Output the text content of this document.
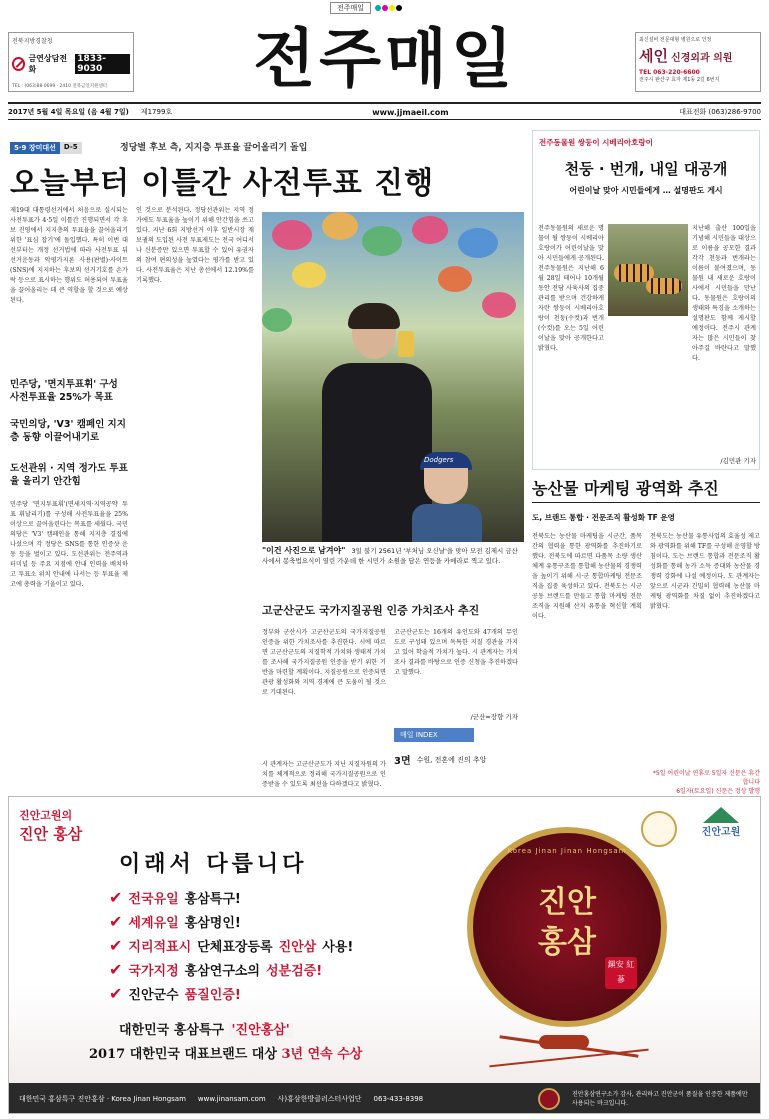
전주매일
전북지방경찰청
금연상담전화
1833-9030
TEL : (063)88·0699 · 2410 전북금연지원센터	전주매일	최신설비 전문대형 병원으로 인정
세인 신경외과 의원
TEL 063-220-6600
전주시 완산구 효자 제1동 2길 6번지
2017년 5월 4일 목요일 (음 4월 7일) 제1799호	www.jjmaeil.com	대표전화 (063)286-9700
5·9 장미대선	D-5	정당별 후보 측, 지지층 투표율 끌어올리기 돌입
오늘부터 이틀간 사전투표 진행
제19대 대통령선거에서 처음으로 실시되는 사전투표가 4·5일 이틀간 진행되면서 각 후보 진영에서 지지층의 투표율을 끌어올리기 위한 '표심 잡기'에 돌입했다. 특히 이번 대선부터는 개정 선거법에 따라 사전투표 뒤 선거운동과 악평가지론 사용(판별)·사이트(SNS)에 지지하는 후보의 선거기호를 손가락 등으로 표시하는 행위도 허용되어 투표율을 끌어올리는 데 큰 역할을 할 것으로 예상된다.
민주당, '면지투표휘' 구성 사전투표율 25%가 목표
국민의당, 'V3' 캠페인 지지층 동향 이끌어내기로
도선관위 · 지역 정가도 투표율 올리기 안간힘
민주당 '면지투표휘'(면세지역·지역공약 투표 휘날리기)를 구성해 사전투표율을 25% 이상으로 끌어올린다는 목표를 세웠다. 국민의당은 'V3' 캠페인을 통해 지지층 결집에 나섰으며 각 정당은 SNS를 통한 인증샷 운동 등을 벌이고 있다. 도선관위는 전주역과 터미널 등 주요 지점에 안내 인력을 배치하고 투표소 위치 안내에 나서는 등 투표율 제고에 총력을 기울이고 있다.
인 것으로 분석된다. 정당선관위는 지역 정가에도 투표율을 높이기 위해 안간힘을 쓰고 있다. 지난 6회 지방선거 이후 일반시장 재보궐의 도입된 사전 투표제도는 전국 어디서나 신분증만 있으면 투표할 수 있어 유권자의 참여 편의성을 높였다는 평가를 받고 있다. 사전투표율은 지난 총선에서 12.19%를 기록했다.
Dodgers
"이건 사진으로 남겨야" 3일 불기 2561년 '부처님 오신날'을 맞아 모전 김제시 금산사에서 봉축법요식이 열린 가운데 한 시민가 소원을 담은 연등을 카메라로 찍고 있다.
고군산군도 국가지질공원 인증 가치조사 추진
정부와 군산시가 고군산군도의 국가지질공원 인증을 위한 가치조사를 추진한다. 시에 따르면 고군산군도의 지질학적 가치와 생태적 가치를 조사해 국가지질공원 인증을 받기 위한 기반을 마련할 계획이다. 지질공원으로 인증되면 관광 활성화와 지역 경제에 큰 도움이 될 것으로 기대된다.
고군산군도는 16개의 유인도와 47개의 무인도로 구성돼 있으며 독특한 지질 경관을 가지고 있어 학술적 가치가 높다. 시 관계자는 가치조사 결과를 바탕으로 인증 신청을 추진하겠다고 말했다.
/군산=장향 기자
시 관계자는 고군산군도가 지닌 지질자원의 가치를 체계적으로 정리해 국가지질공원으로 인증받을 수 있도록 최선을 다하겠다고 밝혔다.
매일 INDEX
3면 수원, 전혼에 진의 추앙
전주동물원 쌍둥이 시베리아호랑이
천둥 · 번개, 내일 대공개
어린이날 맞아 시민들에게 … 설명판도 게시
전주동물원의 새로운 명물이 될 쌍둥이 시베리아 호랑이가 어린이날을 맞아 시민들에게 공개된다. 전주동물원은 지난해 6월 28일 태어나 10개월 동안 전담 사육사의 집중 관리를 받으며 건강하게 자란 쌍둥이 시베리아호랑이 천둥(수컷)과 번개(수컷)를 오는 5일 어린이날을 맞아 공개한다고 밝혔다.
지난해 출산 100일을 기념해 시민들을 대상으로 이름을 공모한 결과 각각 천둥과 번개라는 이름이 붙여졌으며, 동물원 내 새로운 호랑이사에서 시민들을 만난다. 동물원은 호랑이의 생태와 특징을 소개하는 설명판도 함께 게시할 예정이다. 전주시 관계자는 많은 시민들이 찾아주길 바란다고 말했다.
/김민관 기자
농산물 마케팅 광역화 추진
도, 브랜드 통합 · 전문조직 활성화 TF 운영
전북도는 농산물 마케팅을 시군간, 품목간의 협력을 통한 광역화를 추진하기로 했다. 전북도에 따르면 다품목 소량 생산 체계 유통구조를 통합해 농산물의 경쟁력을 높이기 위해 시·군 통합마케팅 전문조직을 집중 육성하고 있다. 전북도는 시군 공동 브랜드를 만들고 통합 마케팅 전문조직을 지원해 산지 유통을 혁신할 계획이다.
전북도는 농산물 유통사업의 효율성 제고와 광역화를 위해 TF를 구성해 운영할 방침이다. 도는 브랜드 통합과 전문조직 활성화를 통해 농가 소득 증대와 농산물 경쟁력 강화에 나설 예정이다. 도 관계자는 앞으로 시군과 긴밀히 협력해 농산물 마케팅 광역화를 차질 없이 추진하겠다고 밝혔다.
*5일 어린이날 연휴로 5일자 신문은 휴간합니다
6일자(토요일) 신문은 정상 발행
진안고원의
진안 홍삼
이래서 다릅니다
✔ 전국유일 홍삼특구!
✔ 세계유일 홍삼명인!
✔ 지리적표시 단체표장등록 진안삼 사용!
✔ 국가지정 홍삼연구소의 성분검증!
✔ 진안군수 품질인증!
대한민국 홍삼특구 '진안홍삼'
2017 대한민국 대표브랜드 대상 3년 연속 수상
Korea Jinan Jinan Hongsam
진안
홍삼
鎭安 紅蔘
진안고원
대한민국 홍삼특구 진안홍삼 · Korea Jinan Hongsam www.jinansam.com 사)홍삼한방클러스터사업단 063-433-8398
진안홍삼연구소가 감사, 관리하고 진안군이 품질을 인증한 제품에만 사용되는 마크입니다.
